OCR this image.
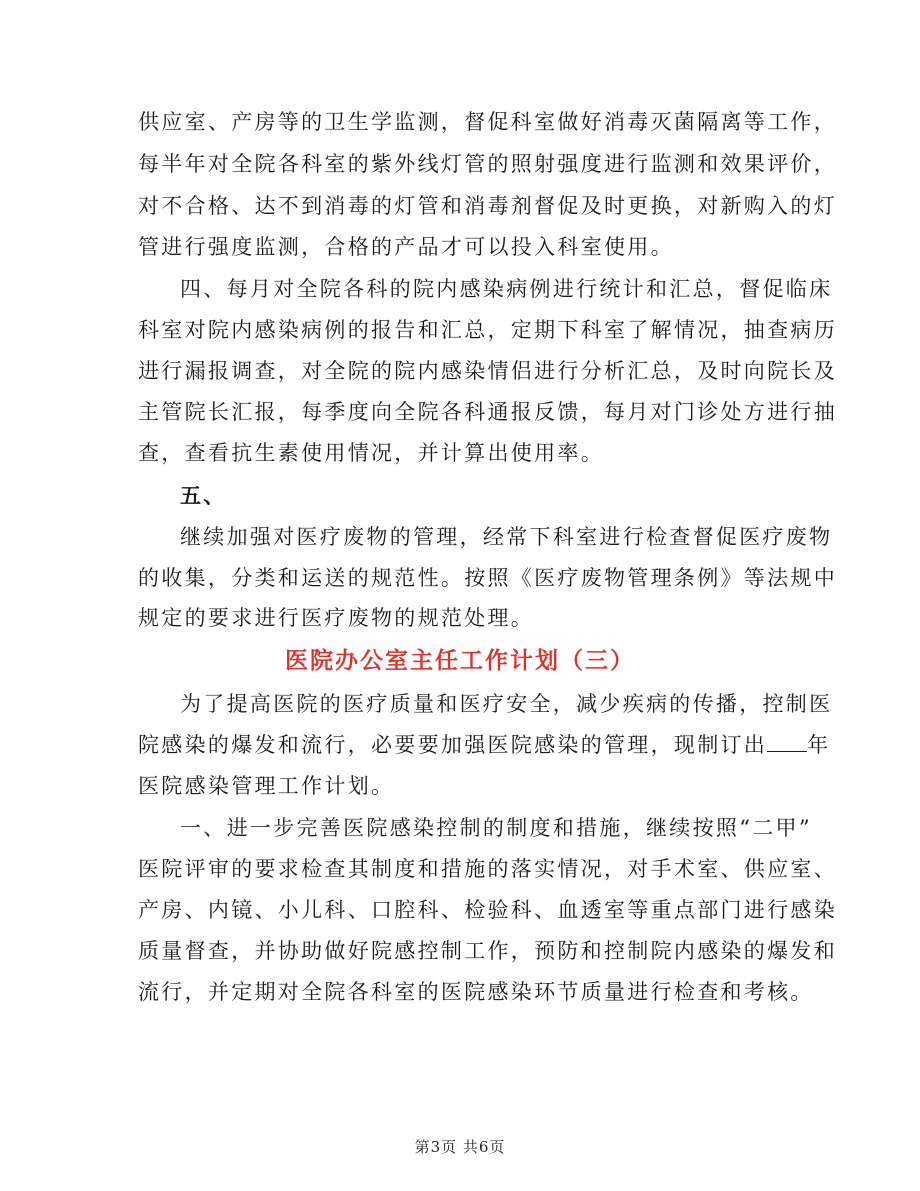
供应室、产房等的卫生学监测，督促科室做好消毒灭菌隔离等工作，
每半年对全院各科室的紫外线灯管的照射强度进行监测和效果评价，
对不合格、达不到消毒的灯管和消毒剂督促及时更换，对新购入的灯
管进行强度监测，合格的产品才可以投入科室使用。
四、每月对全院各科的院内感染病例进行统计和汇总，督促临床
科室对院内感染病例的报告和汇总，定期下科室了解情况，抽查病历
进行漏报调查，对全院的院内感染情侣进行分析汇总，及时向院长及
主管院长汇报，每季度向全院各科通报反馈，每月对门诊处方进行抽
查，查看抗生素使用情况，并计算出使用率。
五、
继续加强对医疗废物的管理，经常下科室进行检查督促医疗废物
的收集，分类和运送的规范性。按照《医疗废物管理条例》等法规中
规定的要求进行医疗废物的规范处理。
医院办公室主任工作计划（三）
为了提高医院的医疗质量和医疗安全，减少疾病的传播，控制医
院感染的爆发和流行，必要要加强医院感染的管理，现制订出 年
医院感染管理工作计划。
一、进一步完善医院感染控制的制度和措施，继续按照“二甲”
医院评审的要求检查其制度和措施的落实情况，对手术室、供应室、
产房、内镜、小儿科、口腔科、检验科、血透室等重点部门进行感染
质量督查，并协助做好院感控制工作，预防和控制院内感染的爆发和
流行，并定期对全院各科室的医院感染环节质量进行检查和考核。
第3页 共6页
